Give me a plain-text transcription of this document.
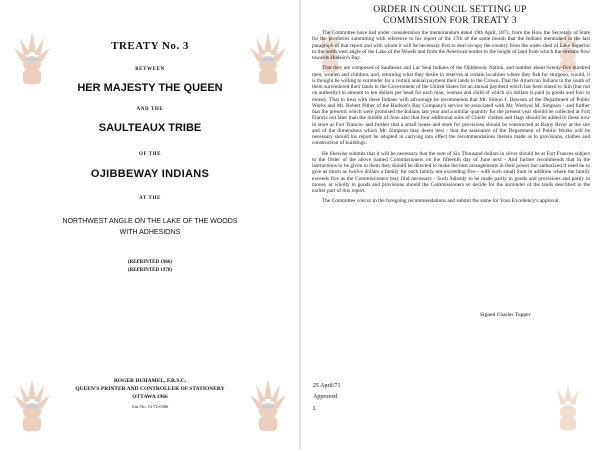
TREATY No. 3
BETWEEN
HER MAJESTY THE QUEEN
AND THE
SAULTEAUX TRIBE
OF THE
OJIBBEWAY INDIANS
AT THE
NORTHWEST ANGLE ON THE LAKE OF THE WOODS
WITH ADHESIONS
(REPRINTED 1966)
(REPRINTED 1978)
ROGER DUHAMEL, F.R.S.C.
QUEEN'S PRINTER AND CONTROLLER OF STATIONERY
OTTAWA 1966
Cat. No. Ci 72-0366
ORDER IN COUNCIL SETTING UP
COMMISSION FOR TREATY 3

The Committee have had under consideration the memorandum dated 19th April, 1871, from the Hon. the Secretary of State for the provinces submitting with reference to his report of the 17th of the same month that the Indians mentioned in the last paragraph of that report and with whom it will be necessary first to deal occupy the country from the water shed of Lake Superior to the north west angle of the Lake of the Woods and from the American border to the height of land from which the streams flow towards Hudson's Bay.

That they are composed of Saulteaux and Lac Seul Indians of the Ojibbeway Nation, and number about twenty-five hundred men, women and children, and, returning what they desire in reserves at certain localities where they fish for sturgeon, would, it is thought be willing to surrender for a certain annual payment their lands to the Crown. That the American Indians to the south of them surrendered their lands to the Government of the United States for an annual payment which has been stated to him (but not on authority) to amount to ten dollars per head for each man, woman and child of which six dollars is paid in goods and four in money. That to treat with these Indians with advantage he recommends that Mr. Simon J. Dawson of the Department of Public Works and Mr. Robert Pither of the Hudson's Bay Company's service be associated with Mr. Wemyss M. Simpson - and further that the presents which were promised the Indians last year and a similar quantity for the present year should be collected at Fort Francis not later than the middle of June also that four additional suits of Chiefs' clothes and flags should be added to those now in store at Fort Francis- and further that a small house and store for provisions should be constructed at Rainy River at the site and of the dimensions which Mr. Simpson may deem best - that the assistance of the Department of Public Works will be necessary should his report be adopted in carrying into effect the recommendations therein made as to provisions, clothes and construction of buildings.

He likewise submits that it will be necessary that the sum of Six Thousand dollars in silver should be at Fort Frances subject to the Order of the above named Commissioners on the fifteenth day of June next - And further recommends that in the instructions to be given to them they should be directed to make the best arrangements in their power but authorized if need be to give as much as twelve dollars a family for each family not exceeding five - with such small Sum in addition where the family exceeds five as the Commissioners may find necessary - Such Subsidy to be made partly in goods and provisions and partly in money or wholly in goods and provisions should the Commissioners so decide for the surrender of the lands described in the earlier part of this report.

The Committee concur in the foregoing recommendations and submit the same for Your Excellency's approval.

Signed Charles Tupper
25 April/71
Approved
L
